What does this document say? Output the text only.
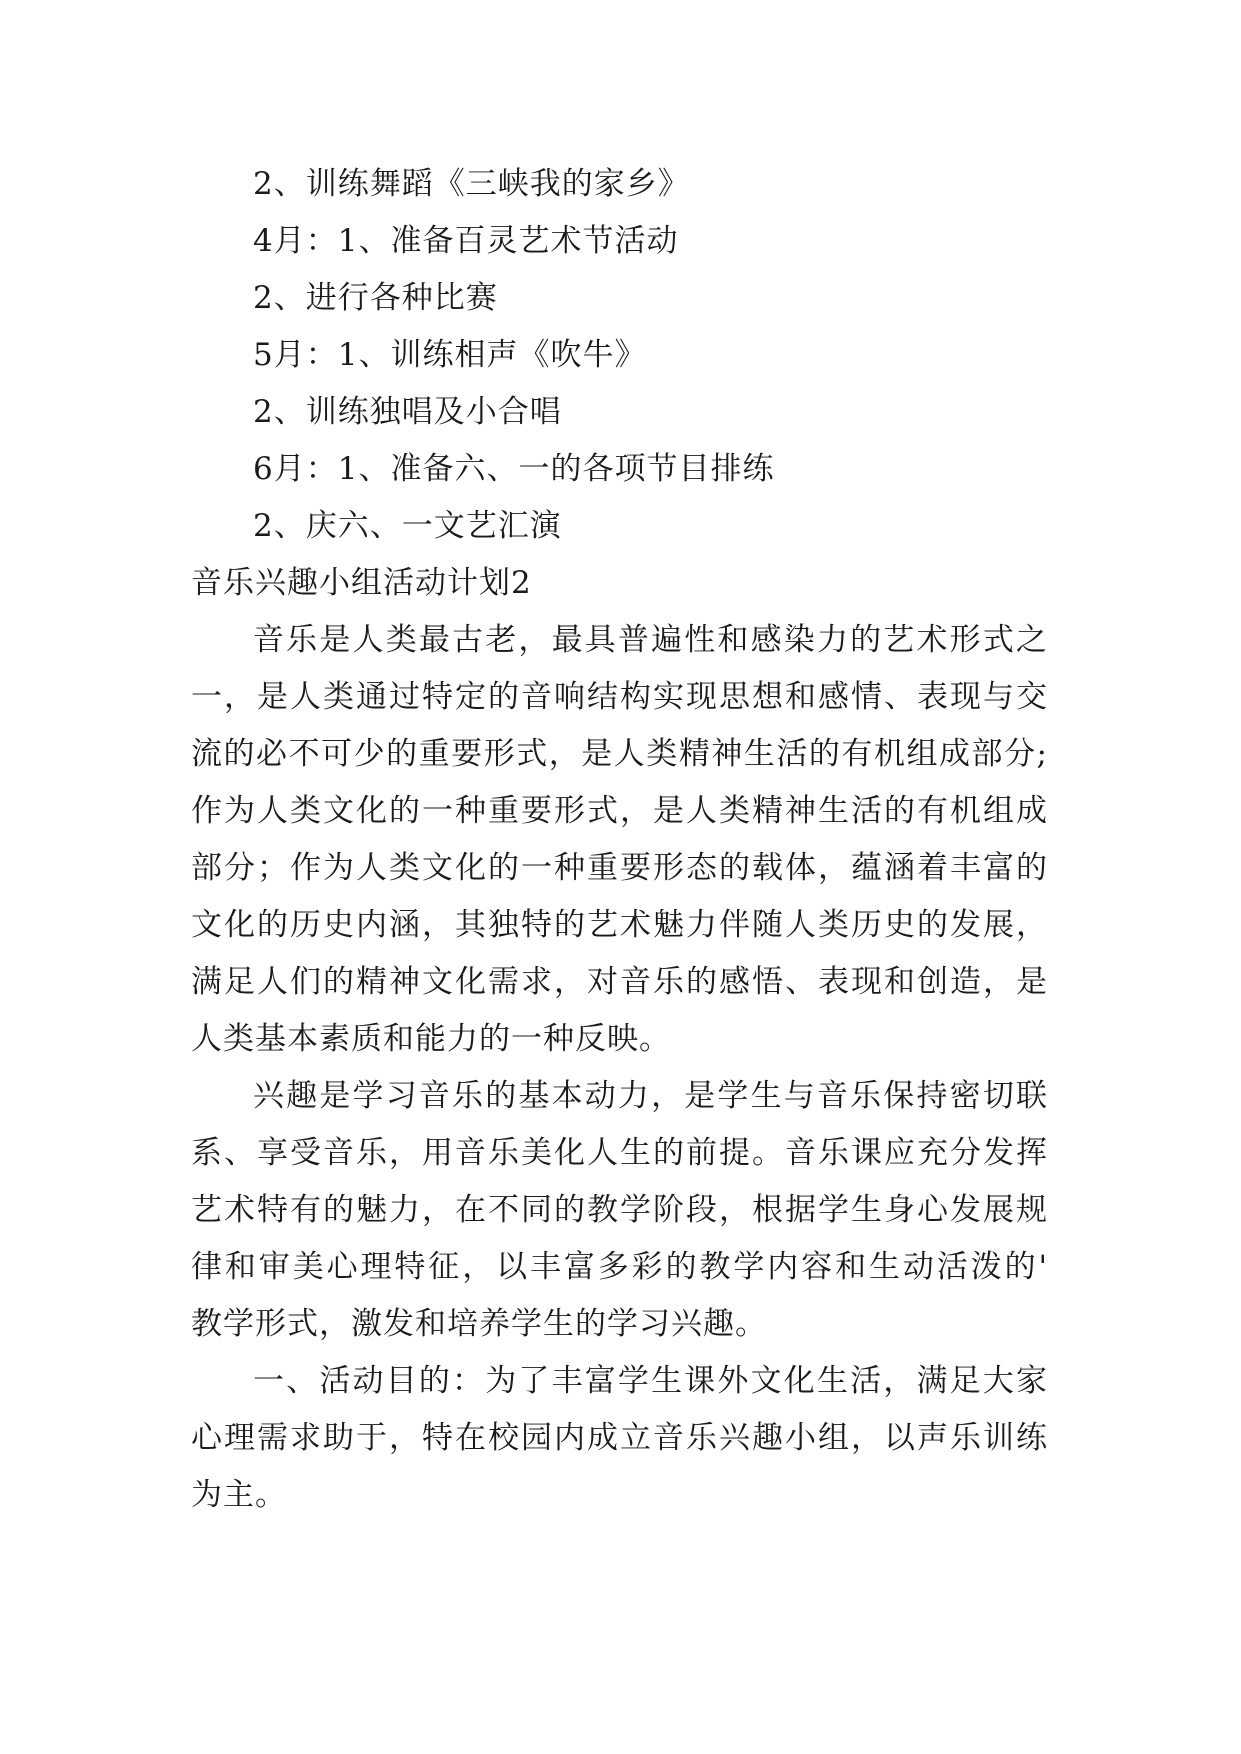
2、训练舞蹈《三峡我的家乡》
4月：1、准备百灵艺术节活动
2、进行各种比赛
5月：1、训练相声《吹牛》
2、训练独唱及小合唱
6月：1、准备六、一的各项节目排练
2、庆六、一文艺汇演
音乐兴趣小组活动计划2
音乐是人类最古老，最具普遍性和感染力的艺术形式之
一，是人类通过特定的音响结构实现思想和感情、表现与交
流的必不可少的重要形式，是人类精神生活的有机组成部分;
作为人类文化的一种重要形式，是人类精神生活的有机组成
部分；作为人类文化的一种重要形态的载体，蕴涵着丰富的
文化的历史内涵，其独特的艺术魅力伴随人类历史的发展，
满足人们的精神文化需求，对音乐的感悟、表现和创造，是
人类基本素质和能力的一种反映。
兴趣是学习音乐的基本动力，是学生与音乐保持密切联
系、享受音乐，用音乐美化人生的前提。音乐课应充分发挥
艺术特有的魅力，在不同的教学阶段，根据学生身心发展规
律和审美心理特征，以丰富多彩的教学内容和生动活泼的'
教学形式，激发和培养学生的学习兴趣。
一、活动目的：为了丰富学生课外文化生活，满足大家
心理需求助于，特在校园内成立音乐兴趣小组，以声乐训练
为主。
